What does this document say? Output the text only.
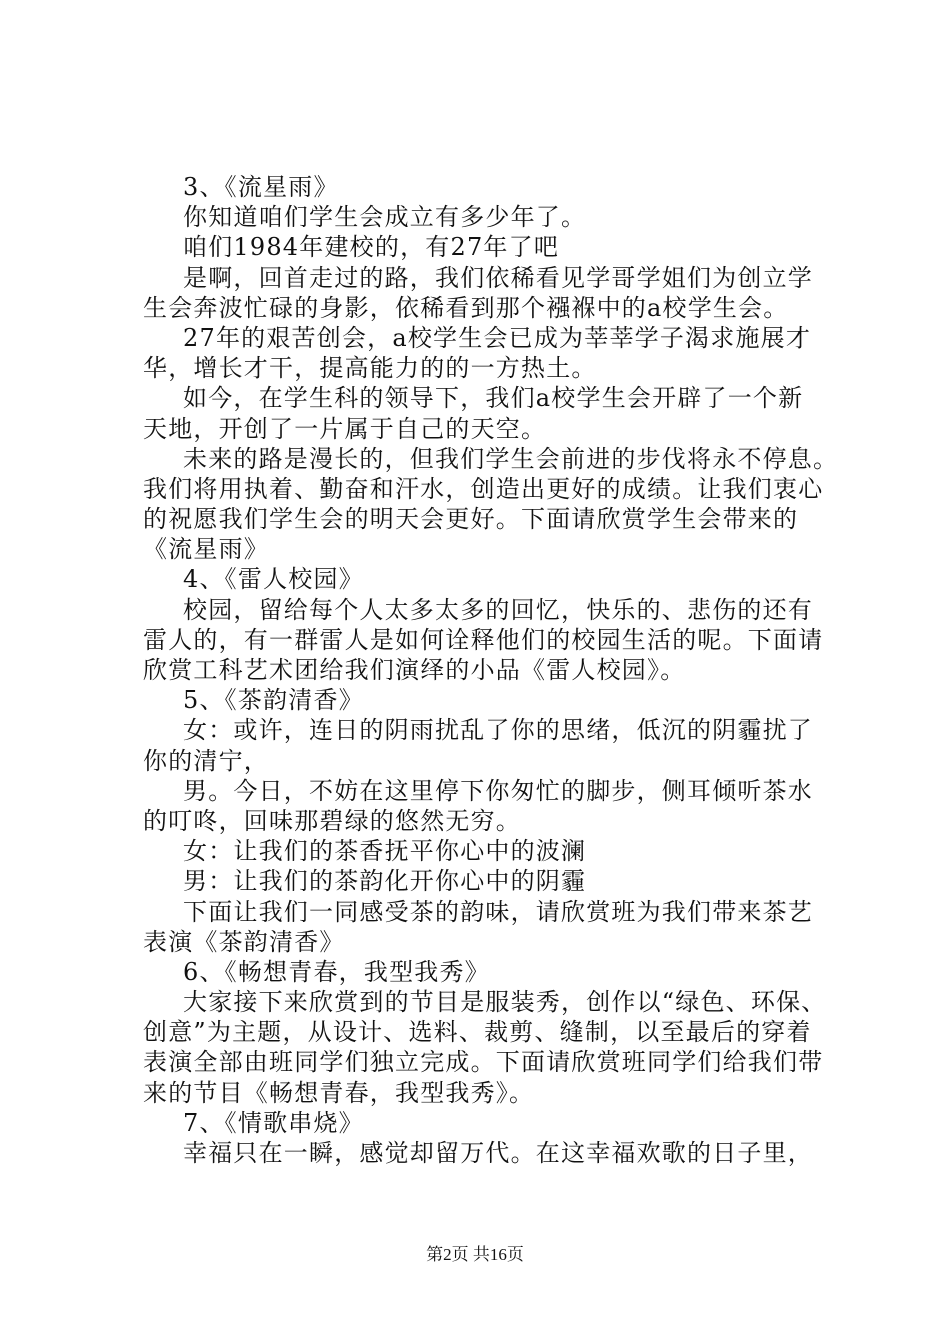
3、《流星雨》
你知道咱们学生会成立有多少年了。
咱们1984年建校的，有27年了吧
是啊，回首走过的路，我们依稀看见学哥学姐们为创立学
生会奔波忙碌的身影，依稀看到那个襁褓中的a校学生会。
27年的艰苦创会，a校学生会已成为莘莘学子渴求施展才
华，增长才干，提高能力的的一方热土。
如今，在学生科的领导下，我们a校学生会开辟了一个新
天地，开创了一片属于自己的天空。
未来的路是漫长的，但我们学生会前进的步伐将永不停息。
我们将用执着、勤奋和汗水，创造出更好的成绩。让我们衷心
的祝愿我们学生会的明天会更好。下面请欣赏学生会带来的
《流星雨》
4、《雷人校园》
校园，留给每个人太多太多的回忆，快乐的、悲伤的还有
雷人的，有一群雷人是如何诠释他们的校园生活的呢。下面请
欣赏工科艺术团给我们演绎的小品《雷人校园》。
5、《茶韵清香》
女：或许，连日的阴雨扰乱了你的思绪，低沉的阴霾扰了
你的清宁，
男。今日，不妨在这里停下你匆忙的脚步，侧耳倾听茶水
的叮咚，回味那碧绿的悠然无穷。
女：让我们的茶香抚平你心中的波澜
男：让我们的茶韵化开你心中的阴霾
下面让我们一同感受茶的韵味，请欣赏班为我们带来茶艺
表演《茶韵清香》
6、《畅想青春，我型我秀》
大家接下来欣赏到的节目是服装秀，创作以“绿色、环保、
创意”为主题，从设计、选料、裁剪、缝制，以至最后的穿着
表演全部由班同学们独立完成。下面请欣赏班同学们给我们带
来的节目《畅想青春，我型我秀》。
7、《情歌串烧》
幸福只在一瞬，感觉却留万代。在这幸福欢歌的日子里，
第2页 共16页
